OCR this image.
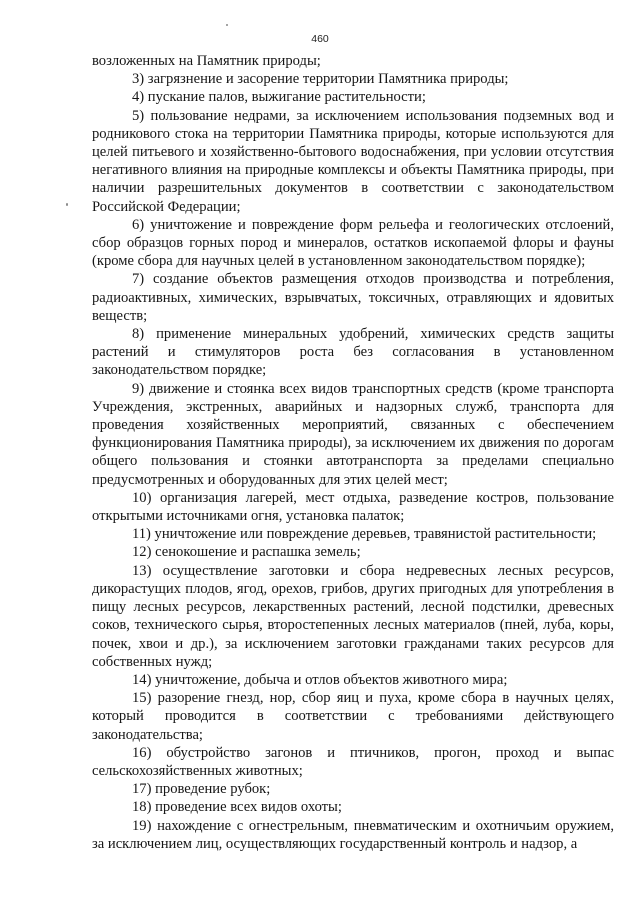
460

возложенных на Памятник природы;

3) загрязнение и засорение территории Памятника природы;

4) пускание палов, выжигание растительности;

5) пользование недрами, за исключением использования подземных вод и родникового стока на территории Памятника природы, которые используются для целей питьевого и хозяйственно-бытового водоснабжения, при условии отсутствия негативного влияния на природные комплексы и объекты Памятника природы, при наличии разрешительных документов в соответствии с законодательством Российской Федерации;

6) уничтожение и повреждение форм рельефа и геологических отслоений, сбор образцов горных пород и минералов, остатков ископаемой флоры и фауны (кроме сбора для научных целей в установленном законодательством порядке);

7) создание объектов размещения отходов производства и потребления, радиоактивных, химических, взрывчатых, токсичных, отравляющих и ядовитых веществ;

8) применение минеральных удобрений, химических средств защиты растений и стимуляторов роста без согласования в установленном законодательством порядке;

9) движение и стоянка всех видов транспортных средств (кроме транспорта Учреждения, экстренных, аварийных и надзорных служб, транспорта для проведения хозяйственных мероприятий, связанных с обеспечением функционирования Памятника природы), за исключением их движения по дорогам общего пользования и стоянки автотранспорта за пределами специально предусмотренных и оборудованных для этих целей мест;

10) организация лагерей, мест отдыха, разведение костров, пользование открытыми источниками огня, установка палаток;

11) уничтожение или повреждение деревьев, травянистой растительности;

12) сенокошение и распашка земель;

13) осуществление заготовки и сбора недревесных лесных ресурсов, дикорастущих плодов, ягод, орехов, грибов, других пригодных для употребления в пищу лесных ресурсов, лекарственных растений, лесной подстилки, древесных соков, технического сырья, второстепенных лесных материалов (пней, луба, коры, почек, хвои и др.), за исключением заготовки гражданами таких ресурсов для собственных нужд;

14) уничтожение, добыча и отлов объектов животного мира;

15) разорение гнезд, нор, сбор яиц и пуха, кроме сбора в научных целях, который проводится в соответствии с требованиями действующего законодательства;

16) обустройство загонов и птичников, прогон, проход и выпас сельскохозяйственных животных;

17) проведение рубок;

18) проведение всех видов охоты;

19) нахождение с огнестрельным, пневматическим и охотничьим оружием, за исключением лиц, осуществляющих государственный контроль и надзор, а
